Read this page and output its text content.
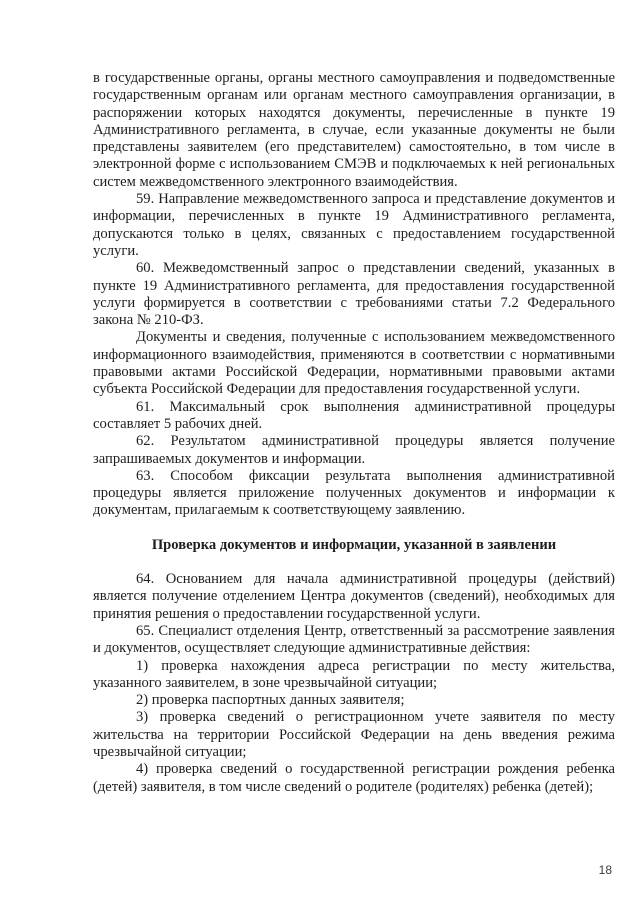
в государственные органы, органы местного самоуправления и подведомственные государственным органам или органам местного самоуправления организации, в распоряжении которых находятся документы, перечисленные в пункте 19 Административного регламента, в случае, если указанные документы не были представлены заявителем (его представителем) самостоятельно, в том числе в электронной форме с использованием СМЭВ и подключаемых к ней региональных систем межведомственного электронного взаимодействия.

59. Направление межведомственного запроса и представление документов и информации, перечисленных в пункте 19 Административного регламента, допускаются только в целях, связанных с предоставлением государственной услуги.

60. Межведомственный запрос о представлении сведений, указанных в пункте 19 Административного регламента, для предоставления государственной услуги формируется в соответствии с требованиями статьи 7.2 Федерального закона № 210-ФЗ.

Документы и сведения, полученные с использованием межведомственного информационного взаимодействия, применяются в соответствии с нормативными правовыми актами Российской Федерации, нормативными правовыми актами субъекта Российской Федерации для предоставления государственной услуги.

61. Максимальный срок выполнения административной процедуры составляет 5 рабочих дней.

62. Результатом административной процедуры является получение запрашиваемых документов и информации.

63. Способом фиксации результата выполнения административной процедуры является приложение полученных документов и информации к документам, прилагаемым к соответствующему заявлению.

Проверка документов и информации, указанной в заявлении

64. Основанием для начала административной процедуры (действий) является получение отделением Центра документов (сведений), необходимых для принятия решения о предоставлении государственной услуги.

65. Специалист отделения Центр, ответственный за рассмотрение заявления и документов, осуществляет следующие административные действия:

1) проверка нахождения адреса регистрации по месту жительства, указанного заявителем, в зоне чрезвычайной ситуации;

2) проверка паспортных данных заявителя;

3) проверка сведений о регистрационном учете заявителя по месту жительства на территории Российской Федерации на день введения режима чрезвычайной ситуации;

4) проверка сведений о государственной регистрации рождения ребенка (детей) заявителя, в том числе сведений о родителе (родителях) ребенка (детей);

18
